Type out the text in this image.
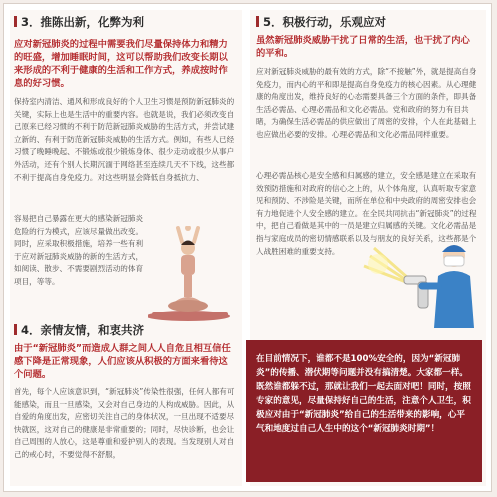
3．推陈出新，化弊为利
应对新冠肺炎的过程中需要我们尽量保持体力和精力的旺盛，增加睡眠时间，这可以帮助我们改变长期以来形成的不利于健康的生活和工作方式，养成按时作息的好习惯。
保持室内清洁、通风和形成良好的个人卫生习惯是预防新冠肺炎的关键，实际上也是生活中的重要内容。也就是说，我们必须改变自己原来已经习惯的不利于防范新冠肺炎威胁的生活方式，并尝试建立新的、有利于防范新冠肺炎威胁的生活方式。例如，有些人已经习惯了晚睡晚起、不锻炼或很少锻炼身体、很少走动或很少从事户外活动，还有个别人长期沉湎于网络甚至连续几天不下线，这些都不利于提高自身免疫力。对这些明显会降低自身抵抗力、
容易把自己暴露在更大的感染新冠肺炎危险的行为模式，应该尽量做出改变。同时，应采取积极措施，培养一些有利于应对新冠肺炎威胁的新的生活方式，如阅读、散步、不需要剧烈活动的体育项目，等等。
4．亲情友情，和衷共济
由于“新冠肺炎”而造成人群之间人人自危且相互信任感下降是正常现象，人们应该从积极的方面来看待这个问题。
首先，每个人应该意识到，“新冠肺炎”传染性很强，任何人都有可能感染，而且一旦感染，又会对自己身边的人构成威胁。因此，从自爱的角度出发，应密切关注自己的身体状况，一旦出现不适要尽快就医，这对自己的健康是非常重要的；同时，尽快诊断，也会让自己周围的人放心，这是尊重和爱护别人的表现。当发现别人对自己的戒心时，不要觉得不舒服，
5．积极行动，乐观应对
虽然新冠肺炎威胁干扰了日常的生活，也干扰了内心的平和。
应对新冠肺炎威胁的最有效的方式，除“不接触”外，就是提高自身免疫力，而内心的平和即是提高自身免疫力的核心因素。从心理健康的角度出发，维持良好的心态需要具备三个方面的条件，即具备生活必需品、心理必需品和文化必需品。党和政府的努力有目共睹，为确保生活必需品的供应做出了周密的安排，个人在此基础上也应做出必要的安排。心理必需品和文化必需品同样重要。
心理必需品核心是安全感和归属感的建立，安全感是建立在采取有效预防措施和对政府的信心之上的，从个体角度，认真听取专家意见和预防、不涉险是关键，而所在单位和中央政府的周密安排也会有力地促进个人安全感的建立。在全民共同抗击“新冠肺炎”的过程中，把自己看做是其中的一员是建立归属感的关键。文化必需品是指与家庭成员的密切情感联系以及与朋友的良好关系，这些都是个人战胜困难的重要支持。
在目前情况下，谁都不是100%安全的，因为“新冠肺炎”的传播、潜伏期等问题并没有搞清楚。大家都一样。既然谁都躲不过，那就让我们一起去面对吧！同时，按照专家的意见，尽量保持好自己的生活，注意个人卫生，积极应对由于“新冠肺炎”给自己的生活带来的影响，心平气和地度过自己人生中的这个“新冠肺炎时期”！
